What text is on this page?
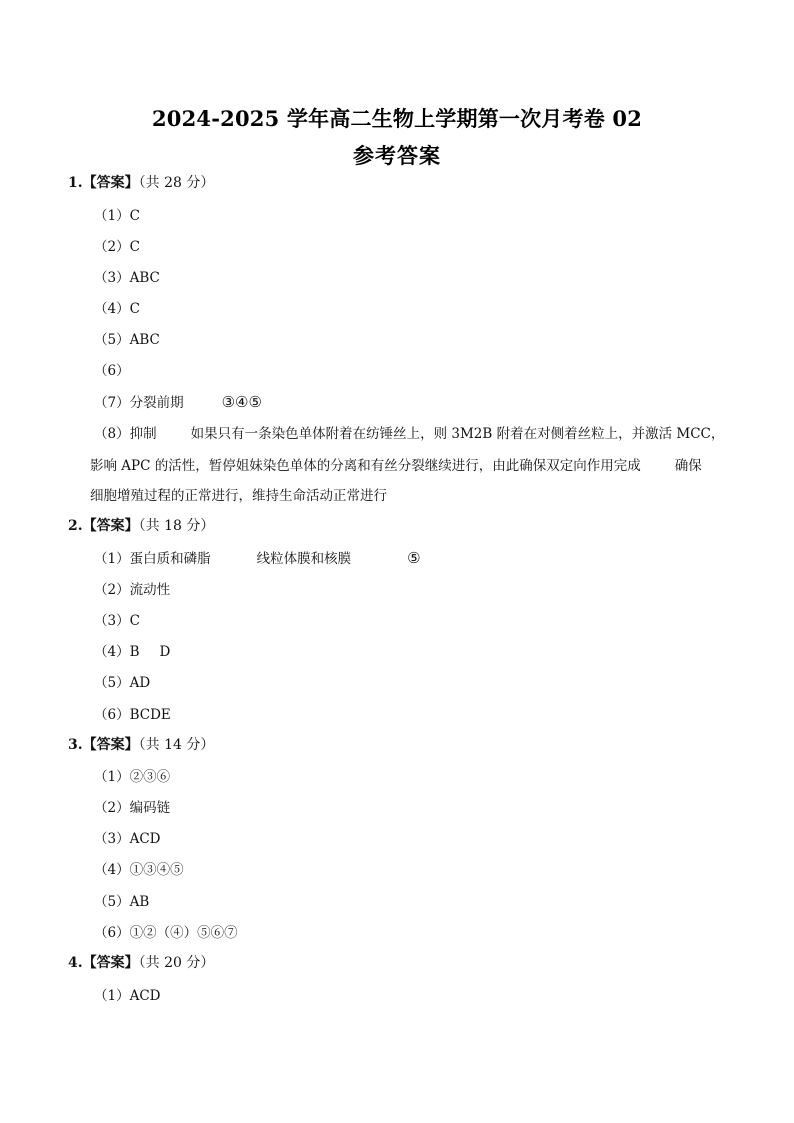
2024-2025 学年高二生物上学期第一次月考卷 02
参考答案
1.【答案】（共 28 分）
（1）C
（2）C
（3）ABC
（4）C
（5）ABC
（6）
（7）分裂前期	③④⑤
（8）抑制	如果只有一条染色单体附着在纺锤丝上，则 3M2B 附着在对侧着丝粒上，并激活 MCC，
影响 APC 的活性，暂停姐妹染色单体的分离和有丝分裂继续进行，由此确保双定向作用完成	确保
细胞增殖过程的正常进行，维持生命活动正常进行
2.【答案】（共 18 分）
（1）蛋白质和磷脂	线粒体膜和核膜	⑤
（2）流动性
（3）C
（4）B D
（5）AD
（6）BCDE
3.【答案】（共 14 分）
（1）②③⑥
（2）编码链
（3）ACD
（4）①③④⑤
（5）AB
（6）①②（④）⑤⑥⑦
4.【答案】（共 20 分）
（1）ACD
